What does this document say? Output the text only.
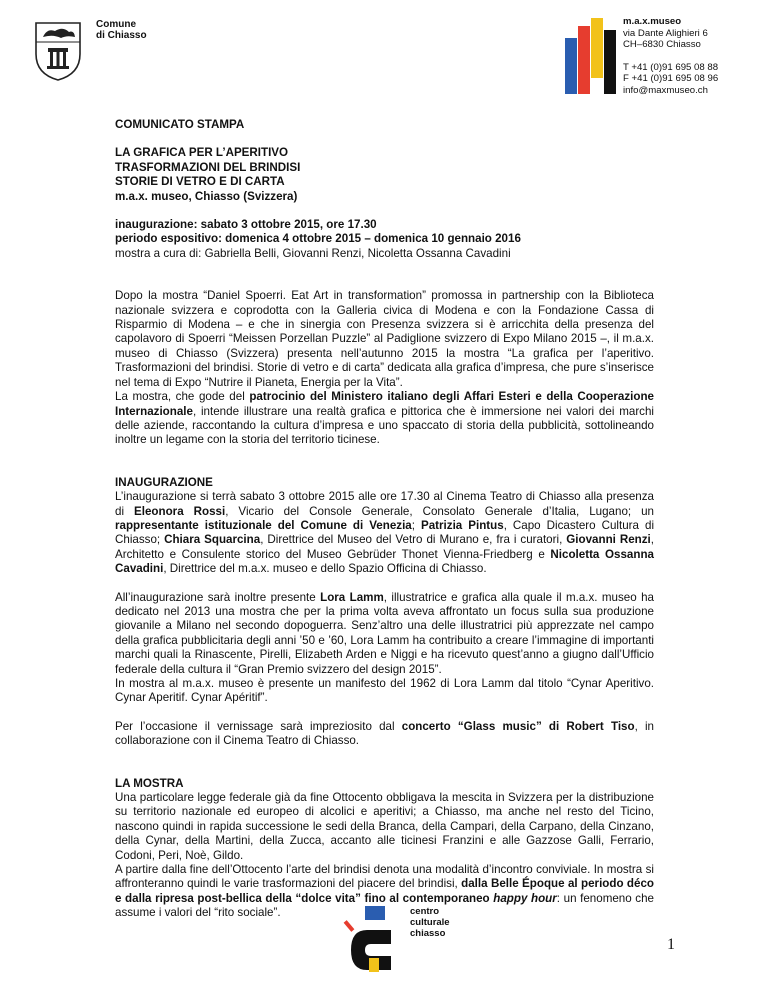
Comune
di Chiasso
m.a.x.museo
via Dante Alighieri 6
CH–6830 Chiasso
T +41 (0)91 695 08 88
F +41 (0)91 695 08 96
info@maxmuseo.ch

COMUNICATO STAMPA

LA GRAFICA PER L’APERITIVO

TRASFORMAZIONI DEL BRINDISI

STORIE DI VETRO E DI CARTA

m.a.x. museo, Chiasso (Svizzera)

inaugurazione: sabato 3 ottobre 2015, ore 17.30

periodo espositivo: domenica 4 ottobre 2015 – domenica 10 gennaio 2016

mostra a cura di: Gabriella Belli, Giovanni Renzi, Nicoletta Ossanna Cavadini

Dopo la mostra “Daniel Spoerri. Eat Art in transformation” promossa in partnership con la Biblioteca nazionale svizzera e coprodotta con la Galleria civica di Modena e con la Fondazione Cassa di Risparmio di Modena – e che in sinergia con Presenza svizzera si è arricchita della presenza del capolavoro di Spoerri “Meissen Porzellan Puzzle” al Padiglione svizzero di Expo Milano 2015 –, il m.a.x. museo di Chiasso (Svizzera) presenta nell’autunno 2015 la mostra “La grafica per l’aperitivo. Trasformazioni del brindisi. Storie di vetro e di carta” dedicata alla grafica d’impresa, che pure s’inserisce nel tema di Expo “Nutrire il Pianeta, Energia per la Vita”.

La mostra, che gode del patrocinio del Ministero italiano degli Affari Esteri e della Cooperazione Internazionale, intende illustrare una realtà grafica e pittorica che è immersione nei valori dei marchi delle aziende, raccontando la cultura d’impresa e uno spaccato di storia della pubblicità, sottolineando inoltre un legame con la storia del territorio ticinese.

INAUGURAZIONE

L’inaugurazione si terrà sabato 3 ottobre 2015 alle ore 17.30 al Cinema Teatro di Chiasso alla presenza di Eleonora Rossi, Vicario del Console Generale, Consolato Generale d’Italia, Lugano; un rappresentante istituzionale del Comune di Venezia; Patrizia Pintus, Capo Dicastero Cultura di Chiasso; Chiara Squarcina, Direttrice del Museo del Vetro di Murano e, fra i curatori, Giovanni Renzi, Architetto e Consulente storico del Museo Gebrüder Thonet Vienna-Friedberg e Nicoletta Ossanna Cavadini, Direttrice del m.a.x. museo e dello Spazio Officina di Chiasso.

All’inaugurazione sarà inoltre presente Lora Lamm, illustratrice e grafica alla quale il m.a.x. museo ha dedicato nel 2013 una mostra che per la prima volta aveva affrontato un focus sulla sua produzione giovanile a Milano nel secondo dopoguerra. Senz’altro una delle illustratrici più apprezzate nel campo della grafica pubblicitaria degli anni ’50 e ’60, Lora Lamm ha contribuito a creare l’immagine di importanti marchi quali la Rinascente, Pirelli, Elizabeth Arden e Niggi e ha ricevuto quest’anno a giugno dall’Ufficio federale della cultura il “Gran Premio svizzero del design 2015”.

In mostra al m.a.x. museo è presente un manifesto del 1962 di Lora Lamm dal titolo “Cynar Aperitivo. Cynar Aperitif. Cynar Apéritif”.

Per l’occasione il vernissage sarà impreziosito dal concerto “Glass music” di Robert Tiso, in collaborazione con il Cinema Teatro di Chiasso.

LA MOSTRA

Una particolare legge federale già da fine Ottocento obbligava la mescita in Svizzera per la distribuzione su territorio nazionale ed europeo di alcolici e aperitivi; a Chiasso, ma anche nel resto del Ticino, nascono quindi in rapida successione le sedi della Branca, della Campari, della Carpano, della Cinzano, della Cynar, della Martini, della Zucca, accanto alle ticinesi Franzini e alle Gazzose Galli, Ferrario, Codoni, Peri, Noè, Gildo.

A partire dalla fine dell’Ottocento l’arte del brindisi denota una modalità d’incontro conviviale. In mostra si affronteranno quindi le varie trasformazioni del piacere del brindisi, dalla Belle Époque al periodo déco e dalla ripresa post-bellica della “dolce vita” fino al contemporaneo happy hour: un fenomeno che assume i valori del “rito sociale”.	centro
culturale
chiasso
1
